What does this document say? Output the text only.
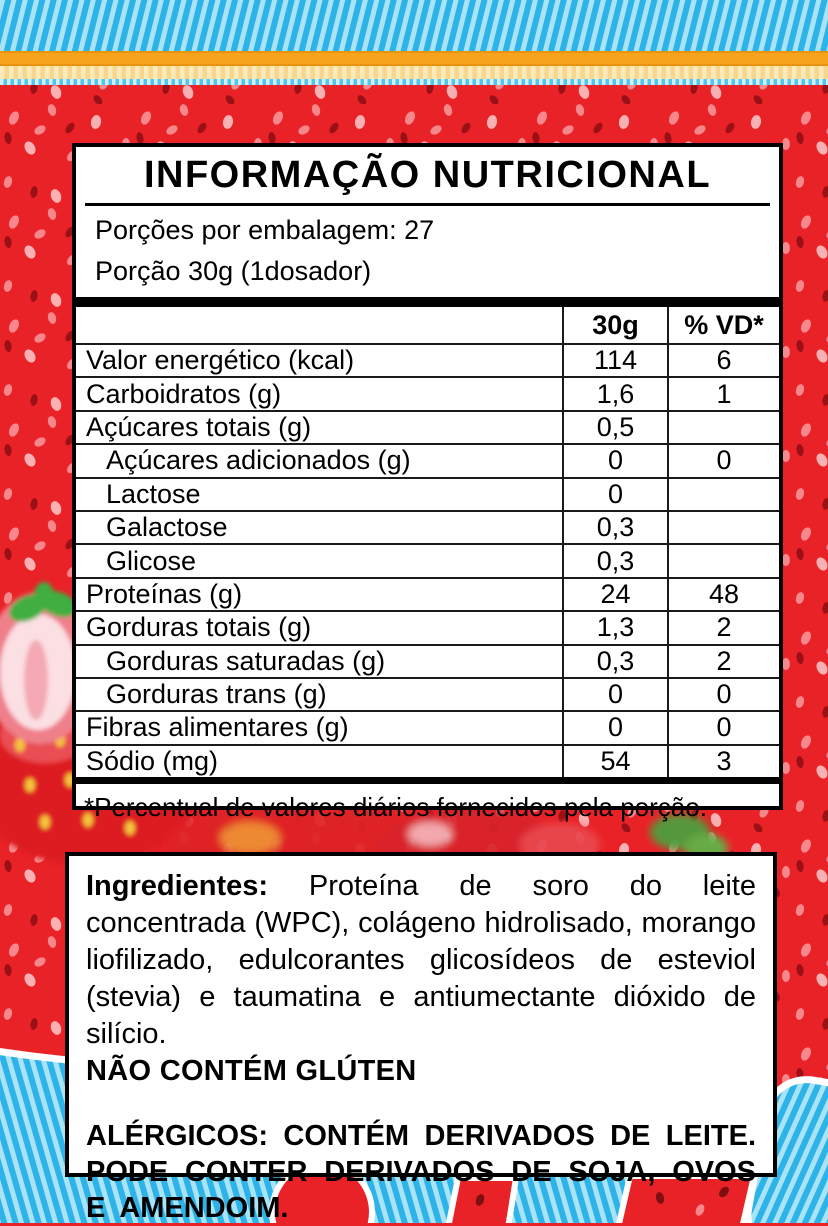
INFORMAÇÃO NUTRICIONAL
Porções por embalagem: 27
Porção 30g (1dosador)
	30g	% VD*
Valor energético (kcal)	114	6
Carboidratos (g)	1,6	1
Açúcares totais (g)	0,5	
Açúcares adicionados (g)	0	0
Lactose	0	
Galactose	0,3	
Glicose	0,3	
Proteínas (g)	24	48
Gorduras totais (g)	1,3	2
Gorduras saturadas (g)	0,3	2
Gorduras trans (g)	0	0
Fibras alimentares (g)	0	0
Sódio (mg)	54	3
*Percentual de valores diários fornecidos pela porção.

Ingredientes: Proteína de soro do leite concentrada (WPC), colágeno hidrolisado, morango liofilizado, edulcorantes glicosídeos de esteviol (stevia) e taumatina e antiumectante dióxido de silício.

NÃO CONTÉM GLÚTEN

ALÉRGICOS: CONTÉM DERIVADOS DE LEITE. PODE CONTER DERIVADOS DE SOJA, OVOS E AMENDOIM.
